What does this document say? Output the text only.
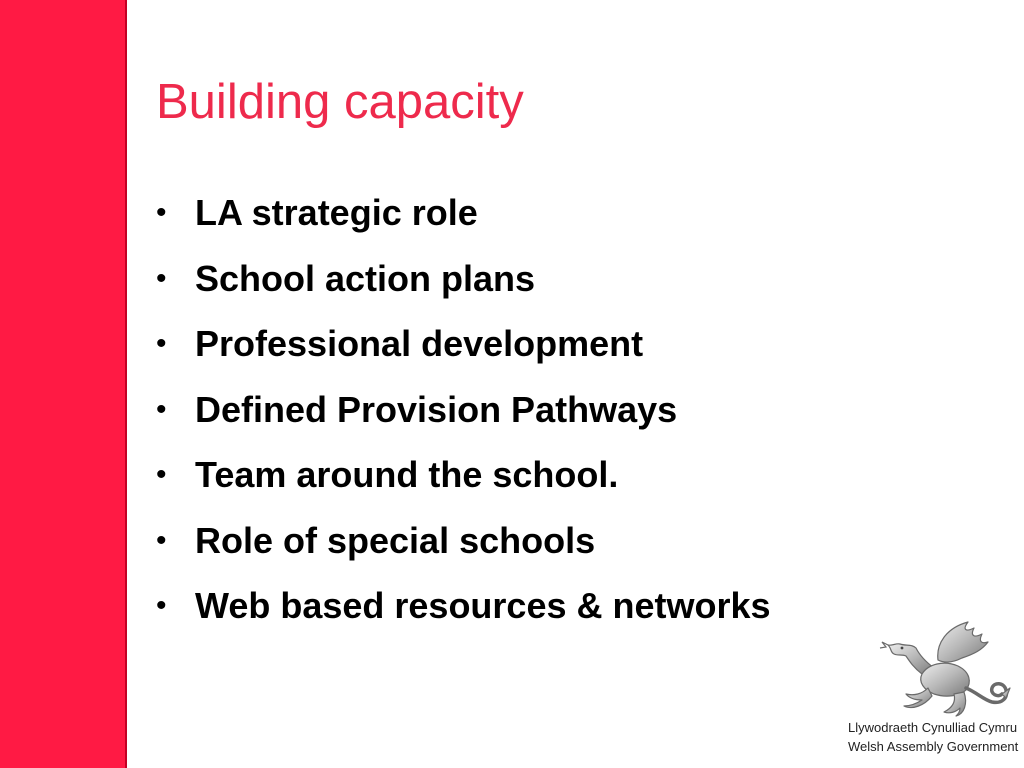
Building capacity
• LA strategic role
• School action plans
• Professional development
• Defined Provision Pathways
• Team around the school.
• Role of special schools
• Web based resources & networks
Llywodraeth Cynulliad Cymru
Welsh Assembly Government
